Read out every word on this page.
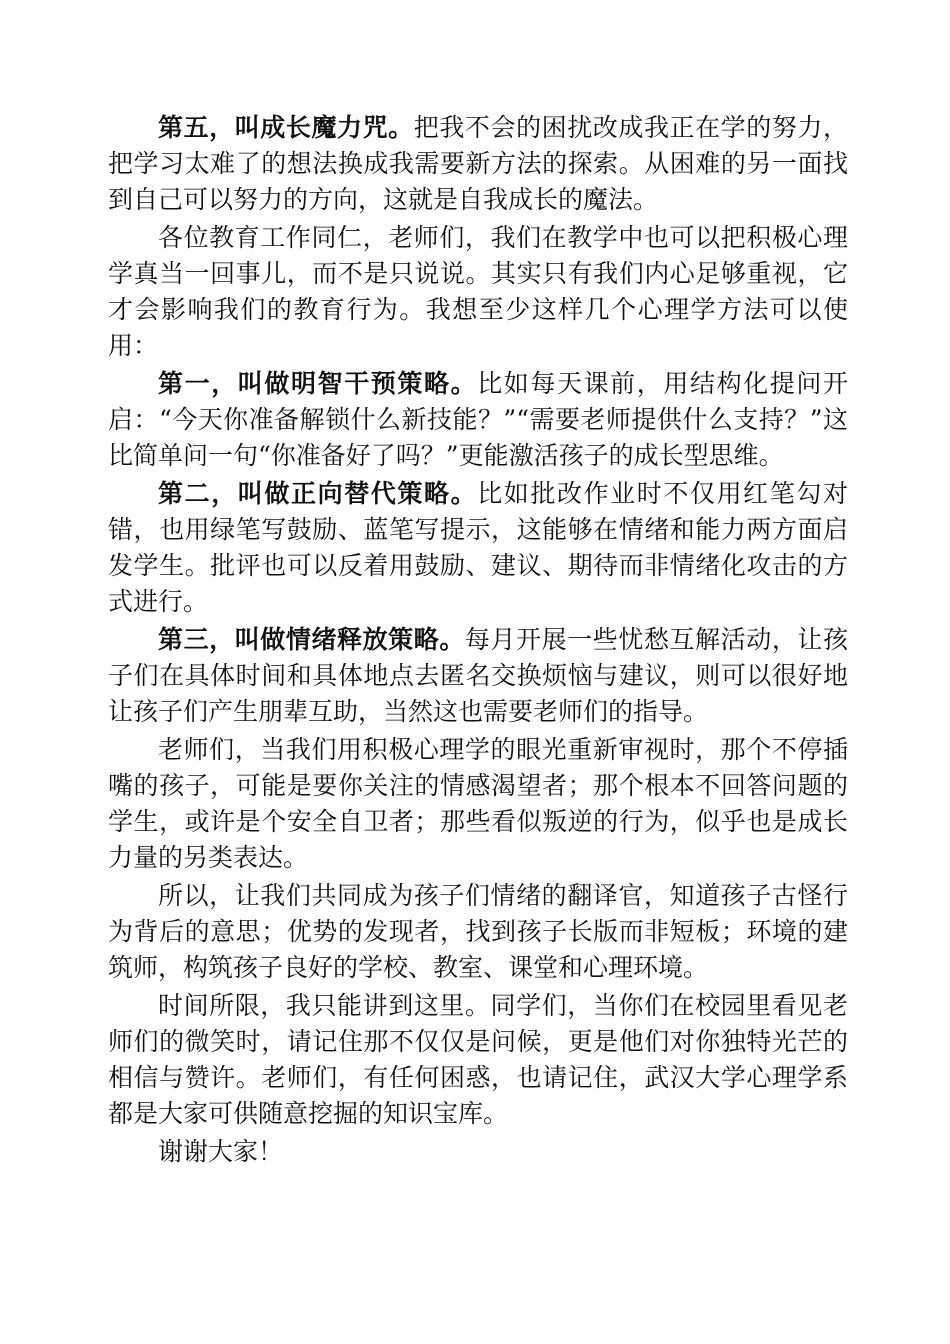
第五，叫成长魔力咒。把我不会的困扰改成我正在学的努力，把学习太难了的想法换成我需要新方法的探索。从困难的另一面找到自己可以努力的方向，这就是自我成长的魔法。

各位教育工作同仁，老师们，我们在教学中也可以把积极心理学真当一回事儿，而不是只说说。其实只有我们内心足够重视，它才会影响我们的教育行为。我想至少这样几个心理学方法可以使用：

第一，叫做明智干预策略。比如每天课前，用结构化提问开启：“今天你准备解锁什么新技能？”“需要老师提供什么支持？”这比简单问一句“你准备好了吗？”更能激活孩子的成长型思维。

第二，叫做正向替代策略。比如批改作业时不仅用红笔勾对错，也用绿笔写鼓励、蓝笔写提示，这能够在情绪和能力两方面启发学生。批评也可以反着用鼓励、建议、期待而非情绪化攻击的方式进行。

第三，叫做情绪释放策略。每月开展一些忧愁互解活动，让孩子们在具体时间和具体地点去匿名交换烦恼与建议，则可以很好地让孩子们产生朋辈互助，当然这也需要老师们的指导。

老师们，当我们用积极心理学的眼光重新审视时，那个不停插嘴的孩子，可能是要你关注的情感渴望者；那个根本不回答问题的学生，或许是个安全自卫者；那些看似叛逆的行为，似乎也是成长力量的另类表达。

所以，让我们共同成为孩子们情绪的翻译官，知道孩子古怪行为背后的意思；优势的发现者，找到孩子长版而非短板；环境的建筑师，构筑孩子良好的学校、教室、课堂和心理环境。

时间所限，我只能讲到这里。同学们，当你们在校园里看见老师们的微笑时，请记住那不仅仅是问候，更是他们对你独特光芒的相信与赞许。老师们，有任何困惑，也请记住，武汉大学心理学系都是大家可供随意挖掘的知识宝库。

谢谢大家！
